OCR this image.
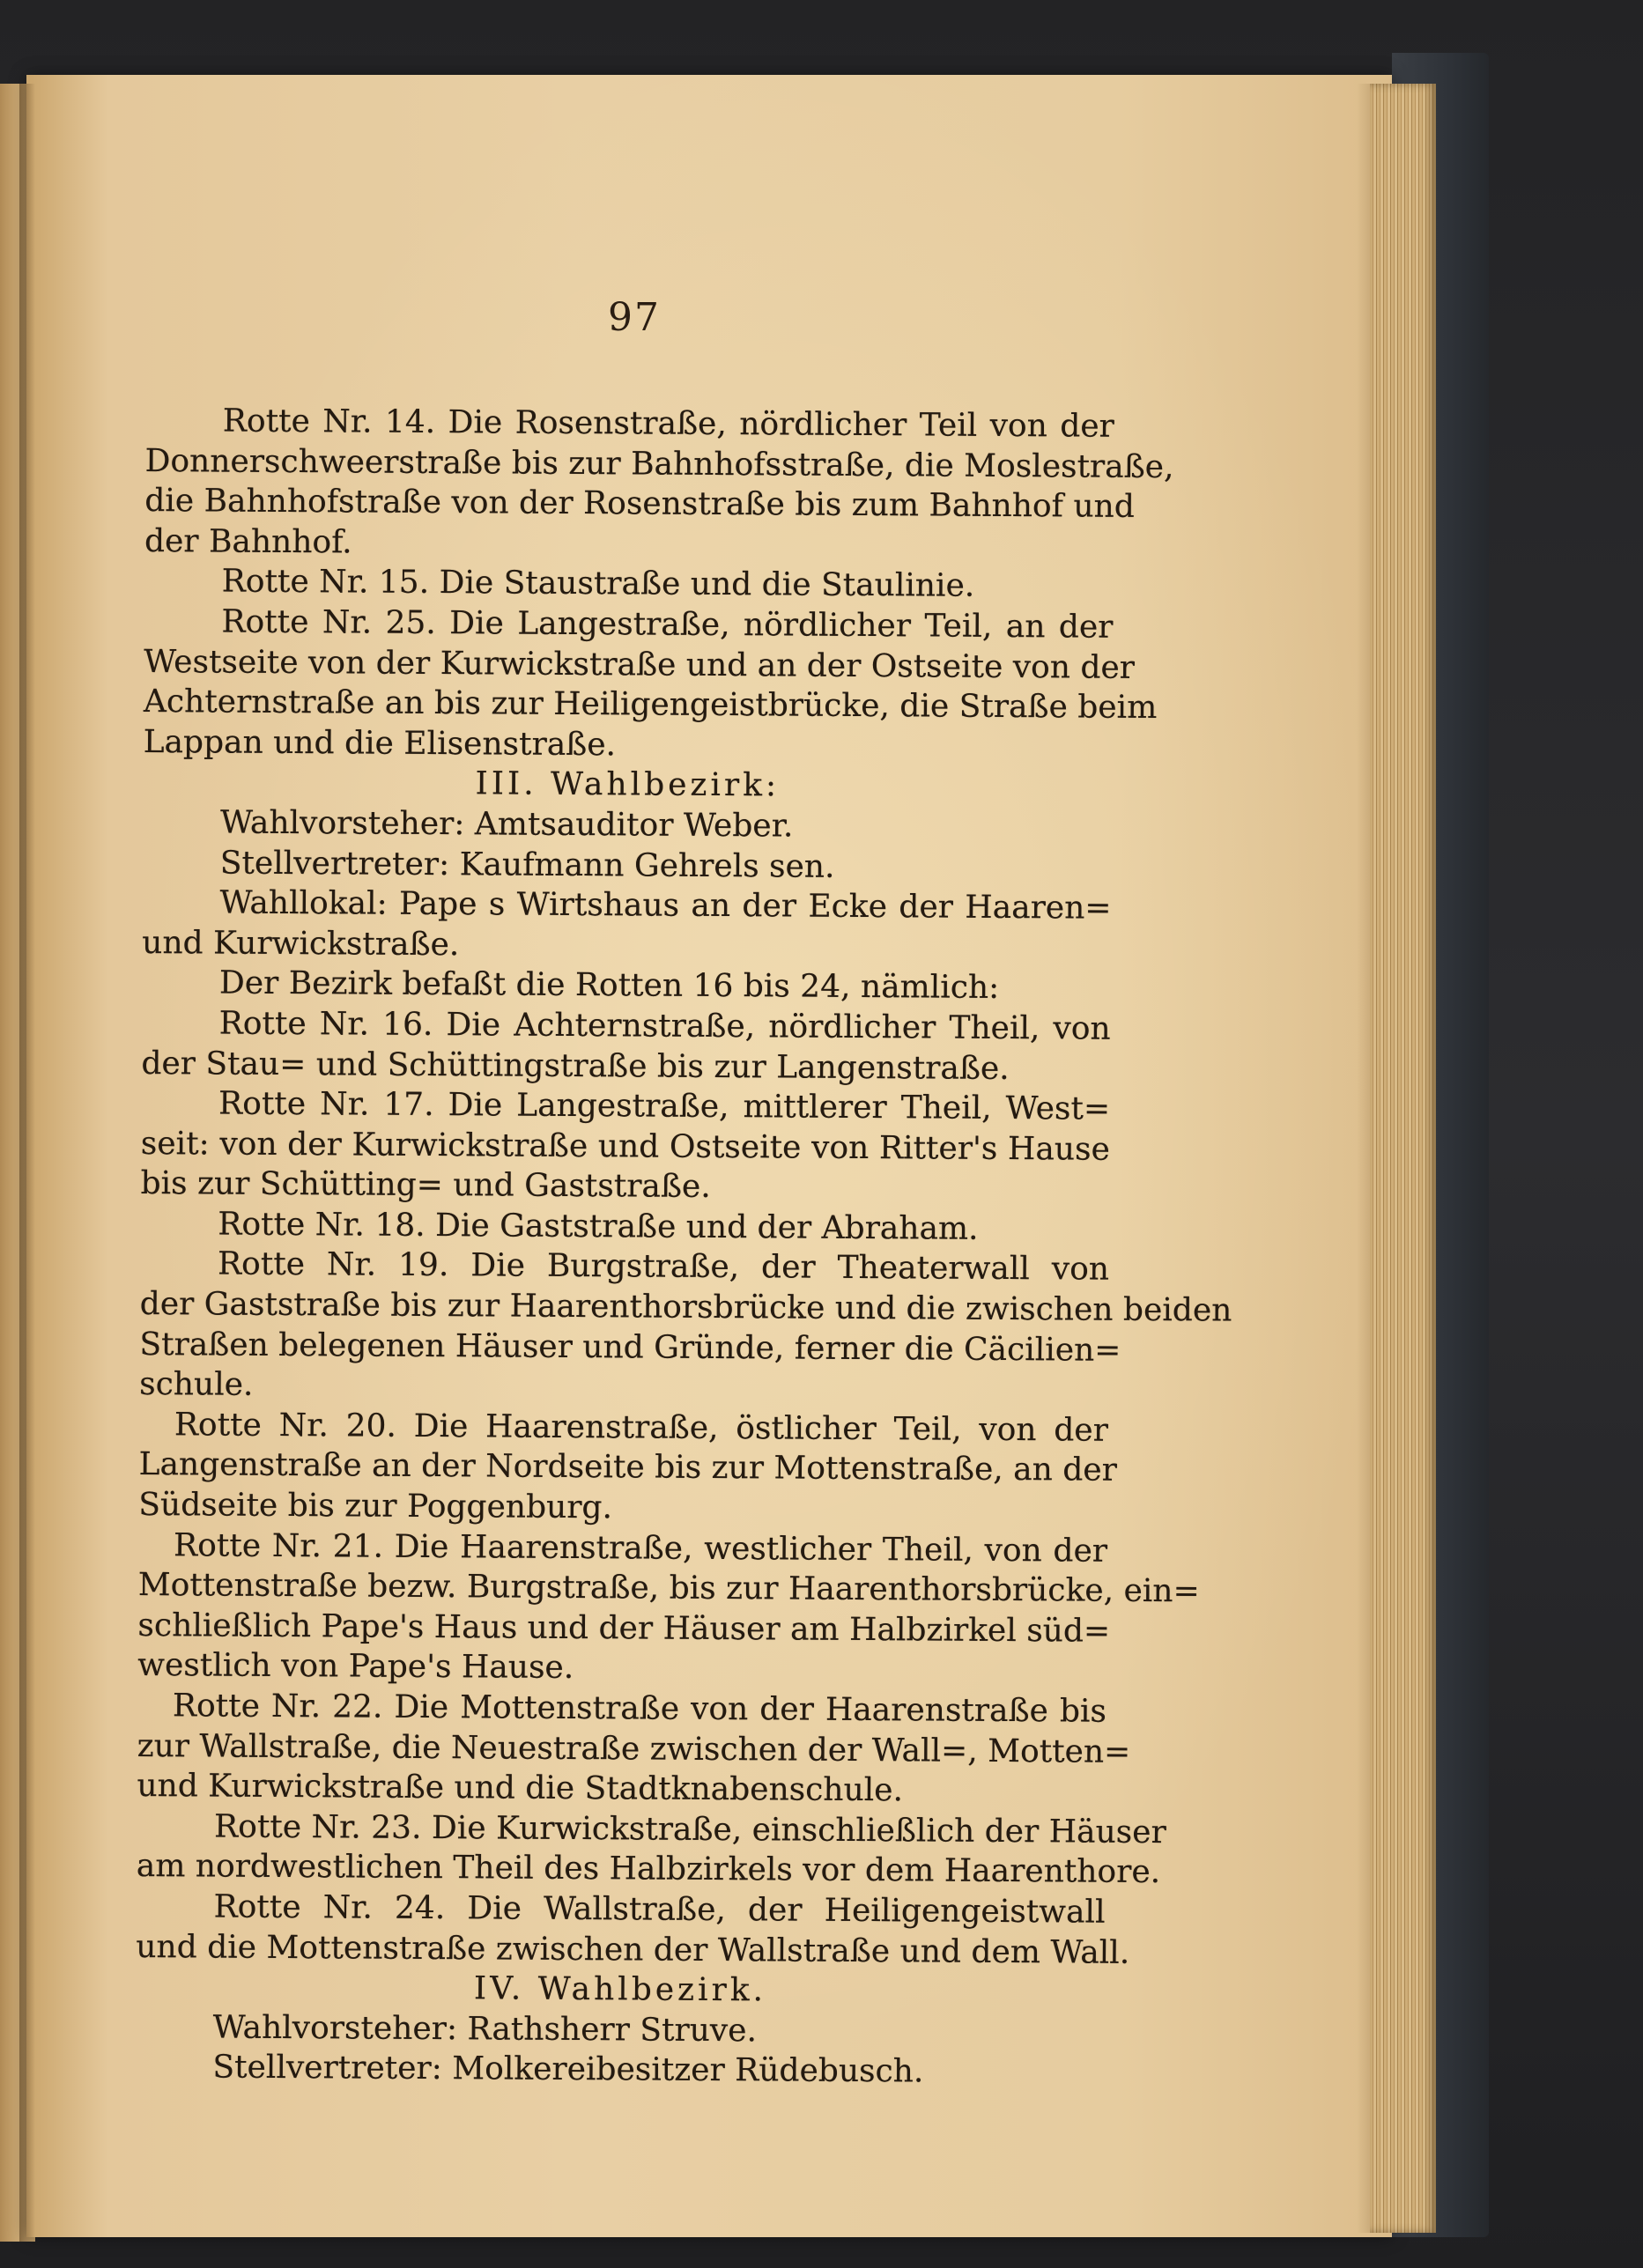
97
Rotte Nr. 14. Die Rosenstraße, nördlicher Teil von der
Donnerschweerstraße bis zur Bahnhofsstraße, die Moslestraße,
die Bahnhofstraße von der Rosenstraße bis zum Bahnhof und
der Bahnhof.
Rotte Nr. 15. Die Staustraße und die Staulinie.
Rotte Nr. 25. Die Langestraße, nördlicher Teil, an der
Westseite von der Kurwickstraße und an der Ostseite von der
Achternstraße an bis zur Heiligengeistbrücke, die Straße beim
Lappan und die Elisenstraße.
III. Wahlbezirk:
Wahlvorsteher: Amtsauditor Weber.
Stellvertreter: Kaufmann Gehrels sen.
Wahllokal: Pape s Wirtshaus an der Ecke der Haaren=
und Kurwickstraße.
Der Bezirk befaßt die Rotten 16 bis 24, nämlich:
Rotte Nr. 16. Die Achternstraße, nördlicher Theil, von
der Stau= und Schüttingstraße bis zur Langenstraße.
Rotte Nr. 17. Die Langestraße, mittlerer Theil, West=
seit: von der Kurwickstraße und Ostseite von Ritter's Hause
bis zur Schütting= und Gaststraße.
Rotte Nr. 18. Die Gaststraße und der Abraham.
Rotte Nr. 19. Die Burgstraße, der Theaterwall von
der Gaststraße bis zur Haarenthorsbrücke und die zwischen beiden
Straßen belegenen Häuser und Gründe, ferner die Cäcilien=
schule.
Rotte Nr. 20. Die Haarenstraße, östlicher Teil, von der
Langenstraße an der Nordseite bis zur Mottenstraße, an der
Südseite bis zur Poggenburg.
Rotte Nr. 21. Die Haarenstraße, westlicher Theil, von der
Mottenstraße bezw. Burgstraße, bis zur Haarenthorsbrücke, ein=
schließlich Pape's Haus und der Häuser am Halbzirkel süd=
westlich von Pape's Hause.
Rotte Nr. 22. Die Mottenstraße von der Haarenstraße bis
zur Wallstraße, die Neuestraße zwischen der Wall=, Motten=
und Kurwickstraße und die Stadtknabenschule.
Rotte Nr. 23. Die Kurwickstraße, einschließlich der Häuser
am nordwestlichen Theil des Halbzirkels vor dem Haarenthore.
Rotte Nr. 24. Die Wallstraße, der Heiligengeistwall
und die Mottenstraße zwischen der Wallstraße und dem Wall.
IV. Wahlbezirk.
Wahlvorsteher: Rathsherr Struve.
Stellvertreter: Molkereibesitzer Rüdebusch.
